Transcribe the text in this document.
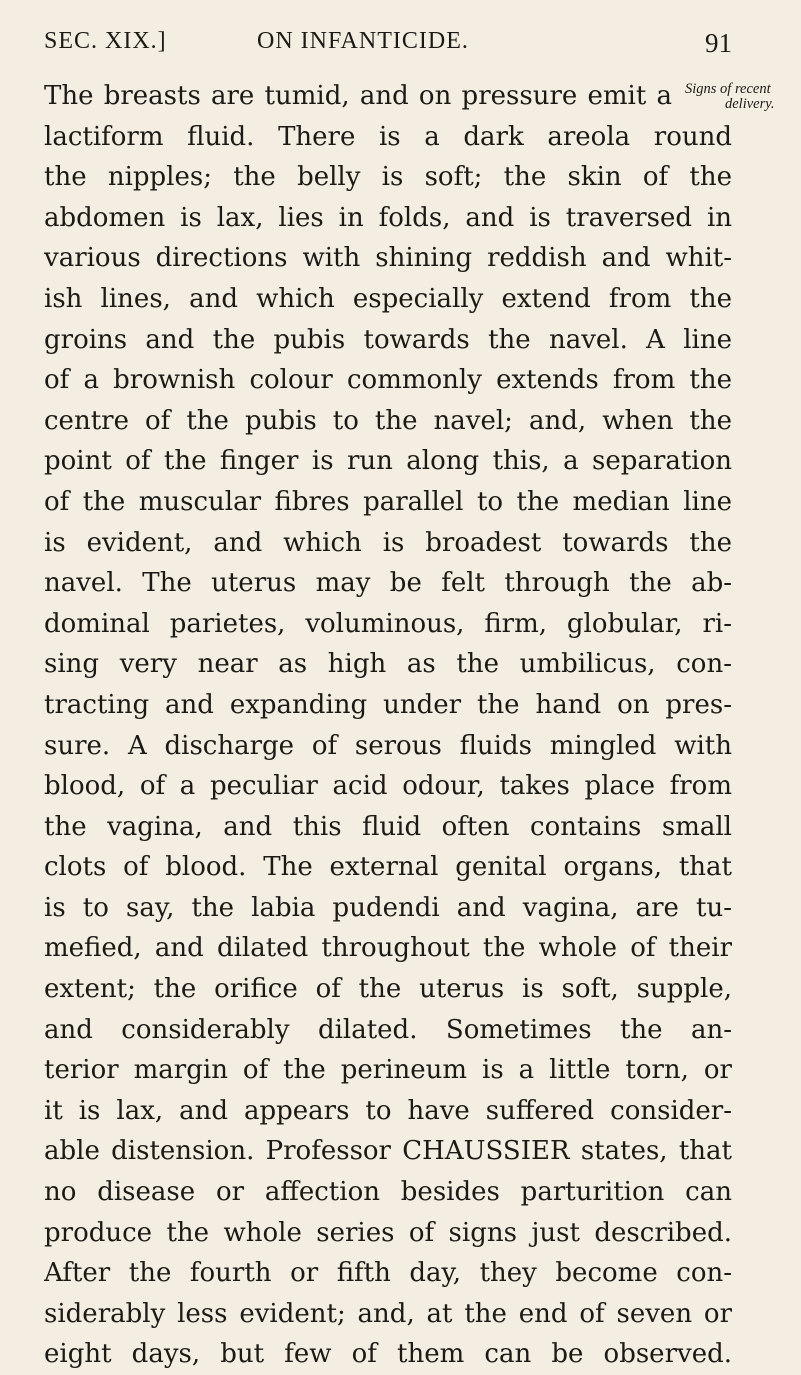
SEC. XIX.]	ON INFANTICIDE.	91
Signs of recent
delivery.
The breasts are tumid, and on pressure emit a
lactiform fluid. There is a dark areola round
the nipples; the belly is soft; the skin of the
abdomen is lax, lies in folds, and is traversed in
various directions with shining reddish and whit-
ish lines, and which especially extend from the
groins and the pubis towards the navel. A line
of a brownish colour commonly extends from the
centre of the pubis to the navel; and, when the
point of the finger is run along this, a separation
of the muscular fibres parallel to the median line
is evident, and which is broadest towards the
navel. The uterus may be felt through the ab-
dominal parietes, voluminous, firm, globular, ri-
sing very near as high as the umbilicus, con-
tracting and expanding under the hand on pres-
sure. A discharge of serous fluids mingled with
blood, of a peculiar acid odour, takes place from
the vagina, and this fluid often contains small
clots of blood. The external genital organs, that
is to say, the labia pudendi and vagina, are tu-
mefied, and dilated throughout the whole of their
extent; the orifice of the uterus is soft, supple,
and considerably dilated. Sometimes the an-
terior margin of the perineum is a little torn, or
it is lax, and appears to have suffered consider-
able distension. Professor CHAUSSIER states, that
no disease or affection besides parturition can
produce the whole series of signs just described.
After the fourth or fifth day, they become con-
siderably less evident; and, at the end of seven or
eight days, but few of them can be observed.
